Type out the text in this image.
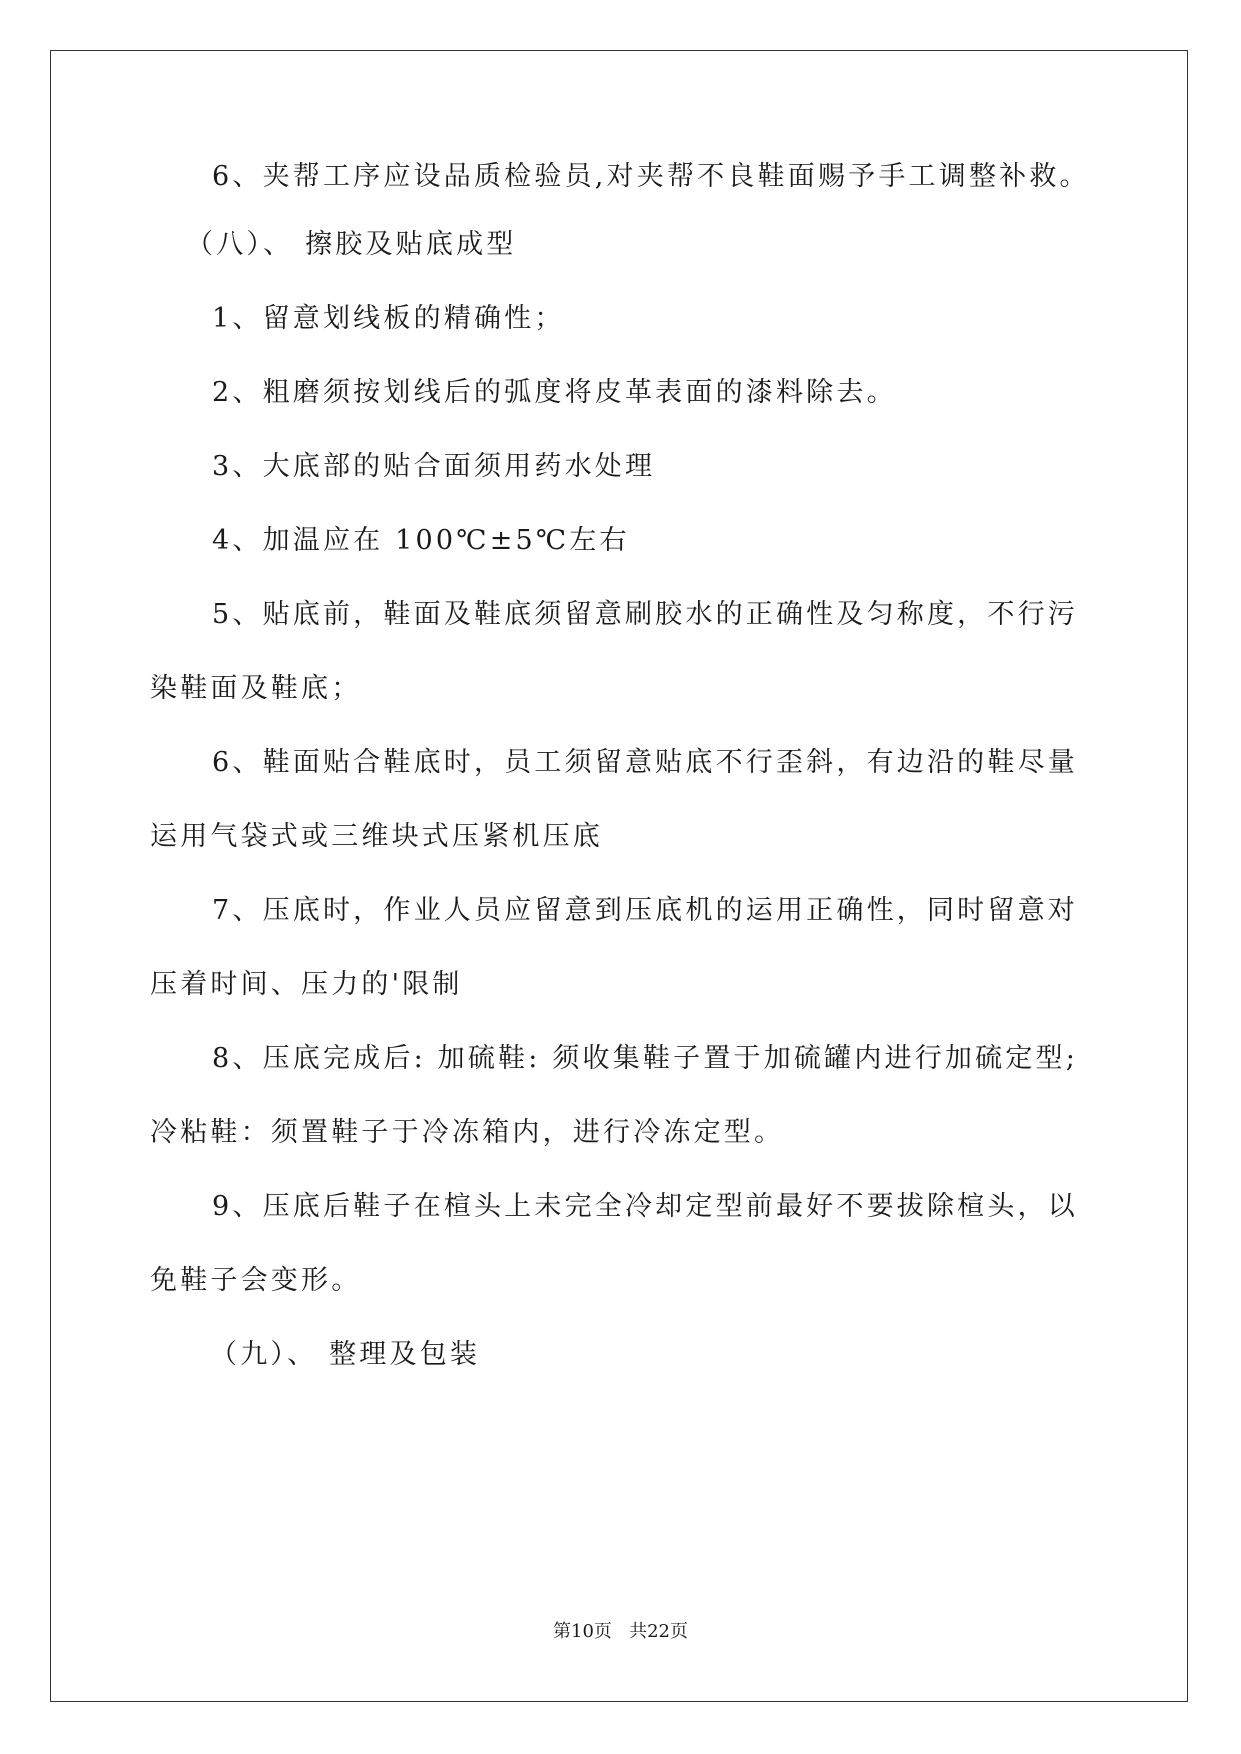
6、夹帮工序应设品质检验员,对夹帮不良鞋面赐予手工调整补救。
（八）、 擦胶及贴底成型
1、留意划线板的精确性；
2、粗磨须按划线后的弧度将皮革表面的漆料除去。
3、大底部的贴合面须用药水处理
4、加温应在 100℃±5℃左右
5、贴底前，鞋面及鞋底须留意刷胶水的正确性及匀称度，不行污
染鞋面及鞋底；
6、鞋面贴合鞋底时，员工须留意贴底不行歪斜，有边沿的鞋尽量
运用气袋式或三维块式压紧机压底
7、压底时，作业人员应留意到压底机的运用正确性，同时留意对
压着时间、压力的'限制
8、压底完成后: 加硫鞋: 须收集鞋子置于加硫罐内进行加硫定型;
冷粘鞋：须置鞋子于冷冻箱内，进行冷冻定型。
9、压底后鞋子在楦头上未完全冷却定型前最好不要拔除楦头，以
免鞋子会变形。
（九）、 整理及包装
第10页   共22页
